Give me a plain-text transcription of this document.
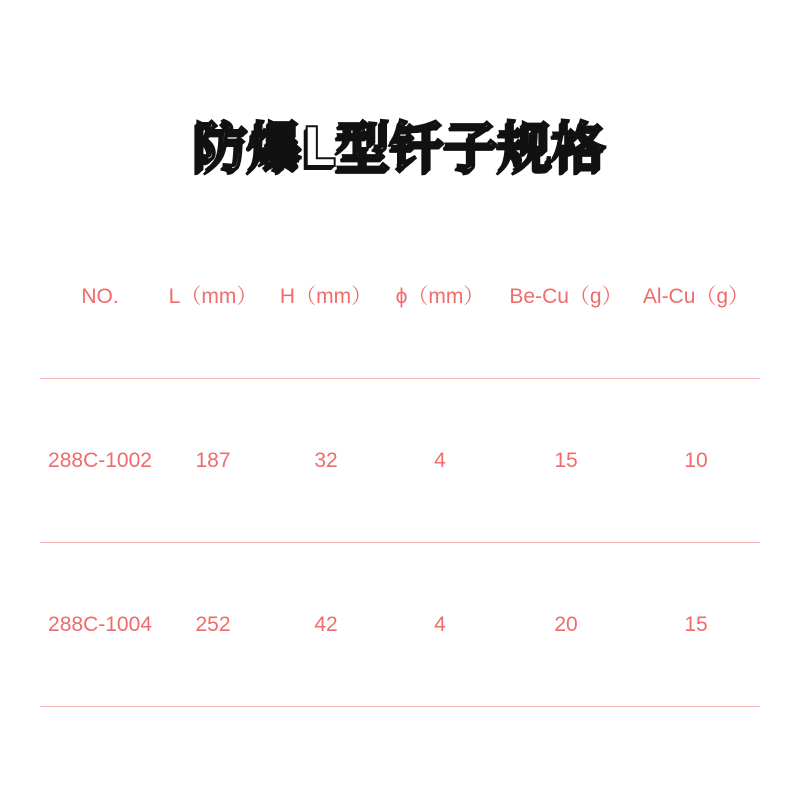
防爆L型钎子规格
NO.	L（mm）	H（mm）	ϕ（mm）	Be-Cu（g） Al-Cu（g）
288C-1002	187	32	4	15	10
288C-1004	252	42	4	20	15
